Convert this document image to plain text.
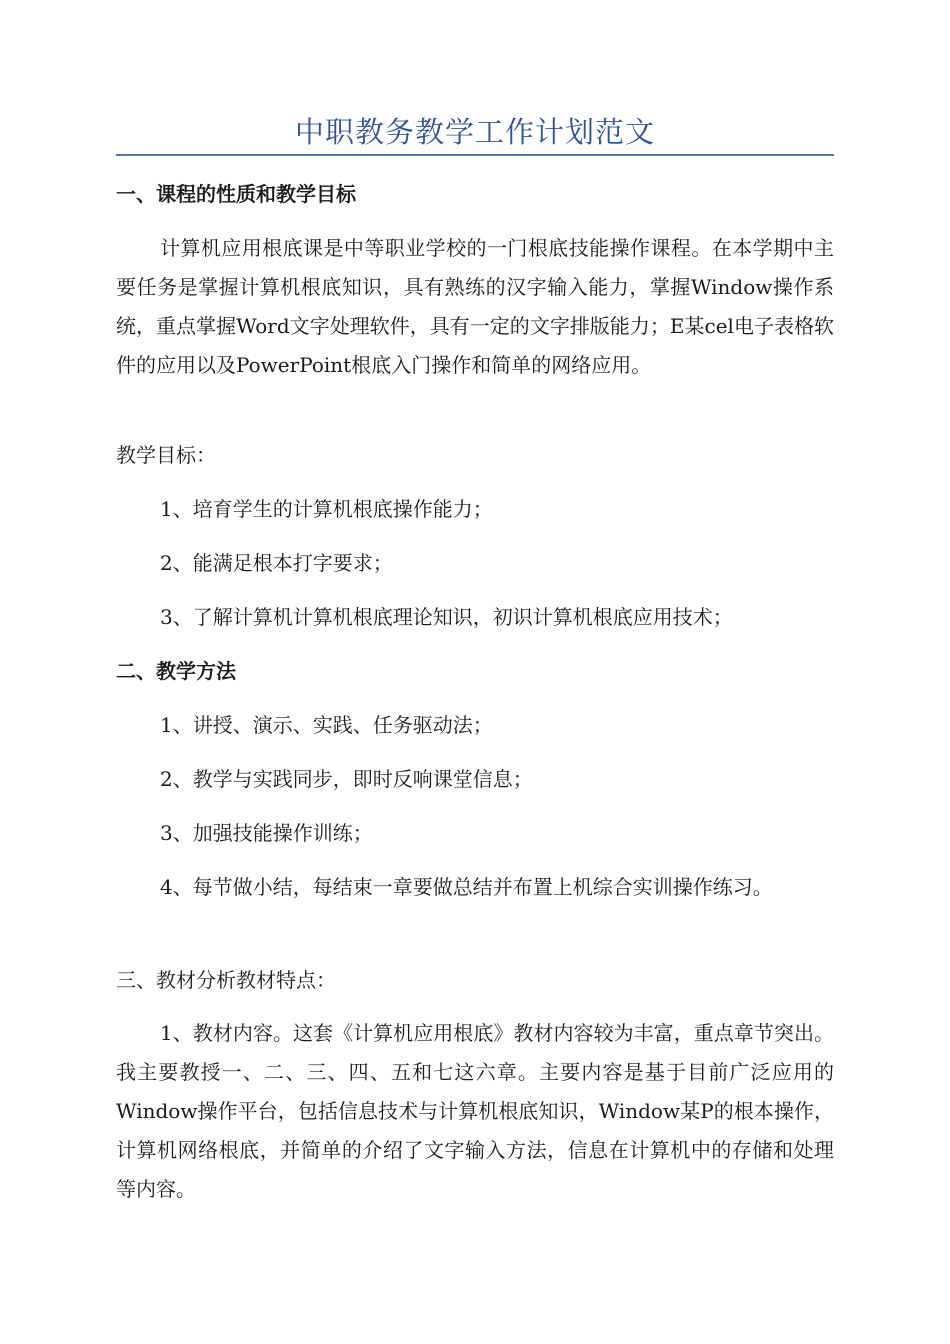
中职教务教学工作计划范文

一、课程的性质和教学目标

计算机应用根底课是中等职业学校的一门根底技能操作课程。在本学期中主要任务是掌握计算机根底知识，具有熟练的汉字输入能力，掌握Window操作系统，重点掌握Word文字处理软件，具有一定的文字排版能力；E某cel电子表格软件的应用以及PowerPoint根底入门操作和简单的网络应用。

教学目标：

1、培育学生的计算机根底操作能力；

2、能满足根本打字要求；

3、了解计算机计算机根底理论知识，初识计算机根底应用技术；

二、教学方法

1、讲授、演示、实践、任务驱动法；

2、教学与实践同步，即时反响课堂信息；

3、加强技能操作训练；

4、每节做小结，每结束一章要做总结并布置上机综合实训操作练习。

三、教材分析教材特点：

1、教材内容。这套《计算机应用根底》教材内容较为丰富，重点章节突出。我主要教授一、二、三、四、五和七这六章。主要内容是基于目前广泛应用的Window操作平台，包括信息技术与计算机根底知识，Window某P的根本操作，计算机网络根底，并简单的介绍了文字输入方法，信息在计算机中的存储和处理等内容。
